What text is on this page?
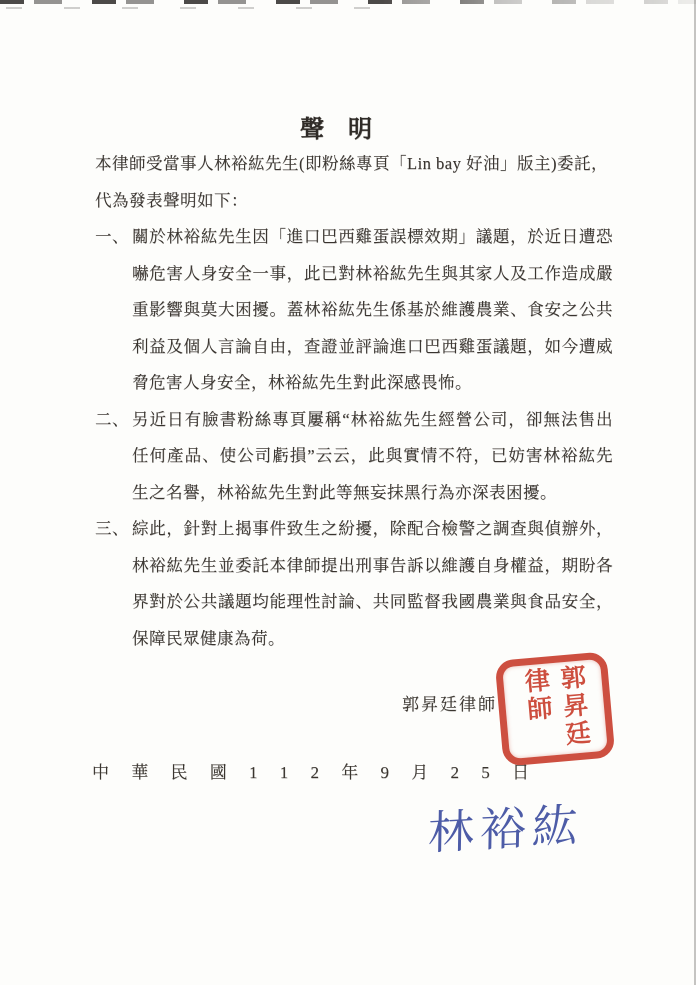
聲　明

本律師受當事人林裕紘先生(即粉絲專頁「Lin bay 好油」版主)委託，

代為發表聲明如下：

一、 關於林裕紘先生因「進口巴西雞蛋誤標效期」議題，於近日遭恐嚇危害人身安全一事，此已對林裕紘先生與其家人及工作造成嚴重影響與莫大困擾。蓋林裕紘先生係基於維護農業、食安之公共利益及個人言論自由，查證並評論進口巴西雞蛋議題，如今遭威脅危害人身安全，林裕紘先生對此深感畏怖。
二、 另近日有臉書粉絲專頁屢稱“林裕紘先生經營公司，卻無法售出任何產品、使公司虧損”云云，此與實情不符，已妨害林裕紘先生之名譽，林裕紘先生對此等無妄抹黑行為亦深表困擾。
三、 綜此，針對上揭事件致生之紛擾，除配合檢警之調查與偵辦外，林裕紘先生並委託本律師提出刑事告訴以維護自身權益，期盼各界對於公共議題均能理性討論、共同監督我國農業與食品安全，保障民眾健康為荷。
郭昇廷律師	郭昇廷律師
中 華 民 國 1 1 2 年 9 月 2 5 日
林裕紘
